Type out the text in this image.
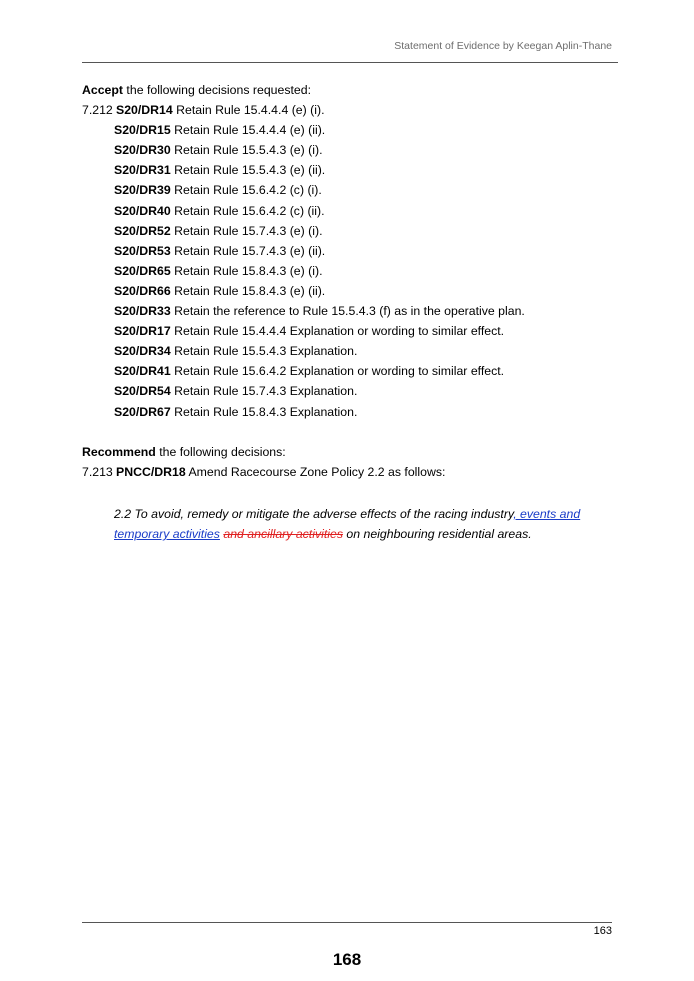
Statement of Evidence by Keegan Aplin-Thane
Accept the following decisions requested:
7.212 S20/DR14 Retain Rule 15.4.4.4 (e) (i).
S20/DR15 Retain Rule 15.4.4.4 (e) (ii).
S20/DR30 Retain Rule 15.5.4.3 (e) (i).
S20/DR31 Retain Rule 15.5.4.3 (e) (ii).
S20/DR39 Retain Rule 15.6.4.2 (c) (i).
S20/DR40 Retain Rule 15.6.4.2 (c) (ii).
S20/DR52 Retain Rule 15.7.4.3 (e) (i).
S20/DR53 Retain Rule 15.7.4.3 (e) (ii).
S20/DR65 Retain Rule 15.8.4.3 (e) (i).
S20/DR66 Retain Rule 15.8.4.3 (e) (ii).
S20/DR33 Retain the reference to Rule 15.5.4.3 (f) as in the operative plan.
S20/DR17 Retain Rule 15.4.4.4 Explanation or wording to similar effect.
S20/DR34 Retain Rule 15.5.4.3 Explanation.
S20/DR41 Retain Rule 15.6.4.2 Explanation or wording to similar effect.
S20/DR54 Retain Rule 15.7.4.3 Explanation.
S20/DR67 Retain Rule 15.8.4.3 Explanation.
Recommend the following decisions:
7.213 PNCC/DR18 Amend Racecourse Zone Policy 2.2 as follows:
2.2 To avoid, remedy or mitigate the adverse effects of the racing industry, events and
temporary activities and ancillary activities on neighbouring residential areas.
163
168
